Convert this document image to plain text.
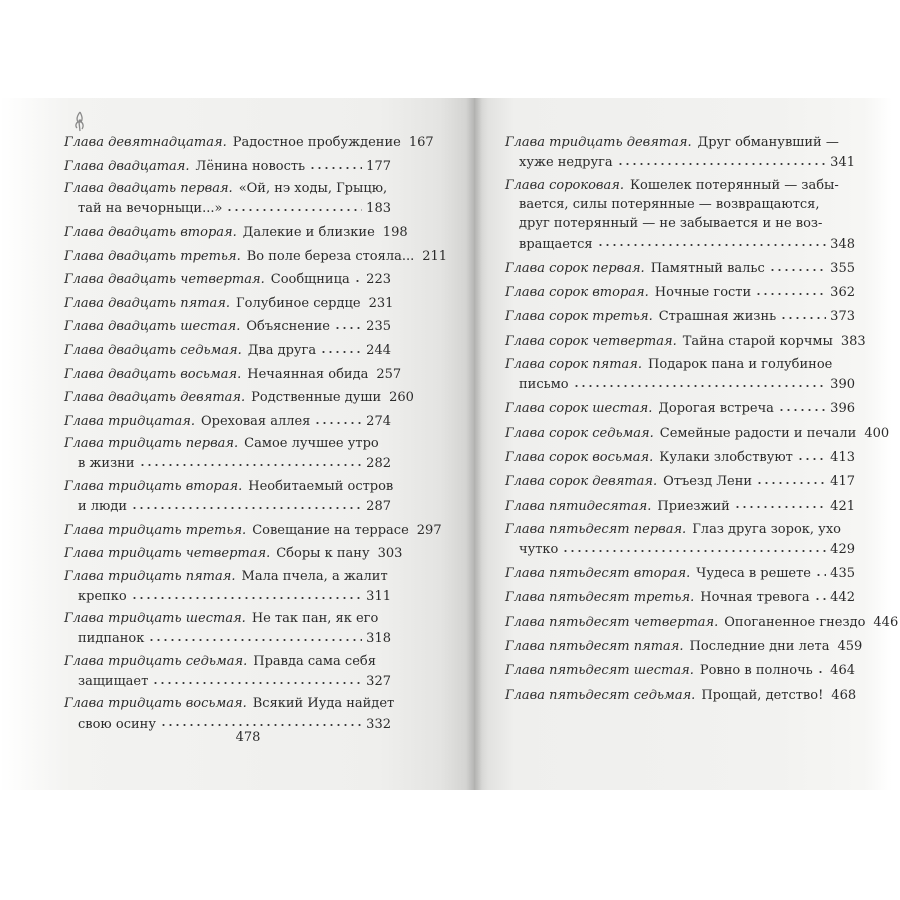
Глава девятнадцатая. Радостное пробуждение 167
Глава двадцатая. Лёнина новость	177
Глава двадцать первая. «Ой, нэ ходы, Грыцю,
тай на вечорныци...»	183
Глава двадцать вторая. Далекие и близкие 198
Глава двадцать третья. Во поле береза стояла... 211
Глава двадцать четвертая. Сообщница 223
Глава двадцать пятая. Голубиное сердце 231
Глава двадцать шестая. Объяснение	235
Глава двадцать седьмая. Два друга	244
Глава двадцать восьмая. Нечаянная обида 257
Глава двадцать девятая. Родственные души 260
Глава тридцатая. Ореховая аллея	274
Глава тридцать первая. Самое лучшее утро
в жизни	282
Глава тридцать вторая. Необитаемый остров
и люди	287
Глава тридцать третья. Совещание на террасе 297
Глава тридцать четвертая. Сборы к пану 303
Глава тридцать пятая. Мала пчела, а жалит
крепко	311
Глава тридцать шестая. Не так пан, як его
пидпанок	318
Глава тридцать седьмая. Правда сама себя
защищает	327
Глава тридцать восьмая. Всякий Иуда найдет
свою осину	332
478
Глава тридцать девятая. Друг обманувший —
хуже недруга	341
Глава сороковая. Кошелек потерянный — забы-
вается, силы потерянные — возвращаются,
друг потерянный — не забывается и не воз-
вращается	348
Глава сорок первая. Памятный вальс	355
Глава сорок вторая. Ночные гости	362
Глава сорок третья. Страшная жизнь	373
Глава сорок четвертая. Тайна старой корчмы 383
Глава сорок пятая. Подарок пана и голубиное
письмо	390
Глава сорок шестая. Дорогая встреча	396
Глава сорок седьмая. Семейные радости и печали 400
Глава сорок восьмая. Кулаки злобствуют	413
Глава сорок девятая. Отъезд Лени	417
Глава пятидесятая. Приезжий	421
Глава пятьдесят первая. Глаз друга зорок, ухо
чутко	429
Глава пятьдесят вторая. Чудеса в решете 435
Глава пятьдесят третья. Ночная тревога 442
Глава пятьдесят четвертая. Опоганенное гнездо 446
Глава пятьдесят пятая. Последние дни лета 459
Глава пятьдесят шестая. Ровно в полночь 464
Глава пятьдесят седьмая. Прощай, детство! 468
